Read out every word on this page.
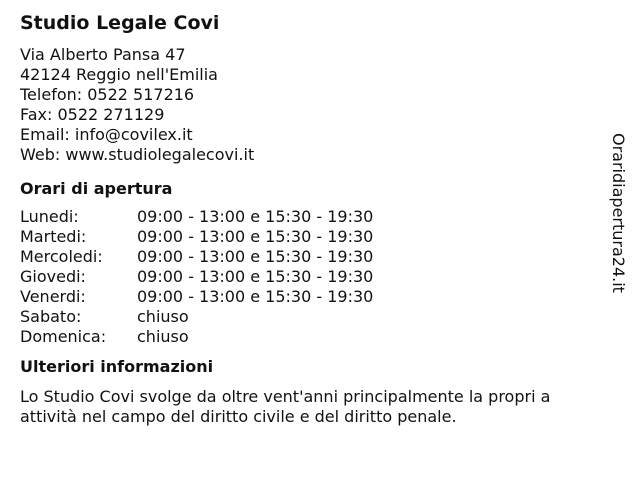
Studio Legale Covi
Via Alberto Pansa 47
42124 Reggio nell'Emilia
Telefon: 0522 517216
Fax: 0522 271129
Email: info@covilex.it
Web: www.studiolegalecovi.it
Orari di apertura
Lunedi:	09:00 - 13:00 e 15:30 - 19:30
Martedi:	09:00 - 13:00 e 15:30 - 19:30
Mercoledi:	09:00 - 13:00 e 15:30 - 19:30
Giovedi:	09:00 - 13:00 e 15:30 - 19:30
Venerdi:	09:00 - 13:00 e 15:30 - 19:30
Sabato:	chiuso
Domenica:	chiuso
Ulteriori informazioni
Lo Studio Covi svolge da oltre vent'anni principalmente la propri a attività nel campo del diritto civile e del diritto penale.
Oraridiapertura24.it
